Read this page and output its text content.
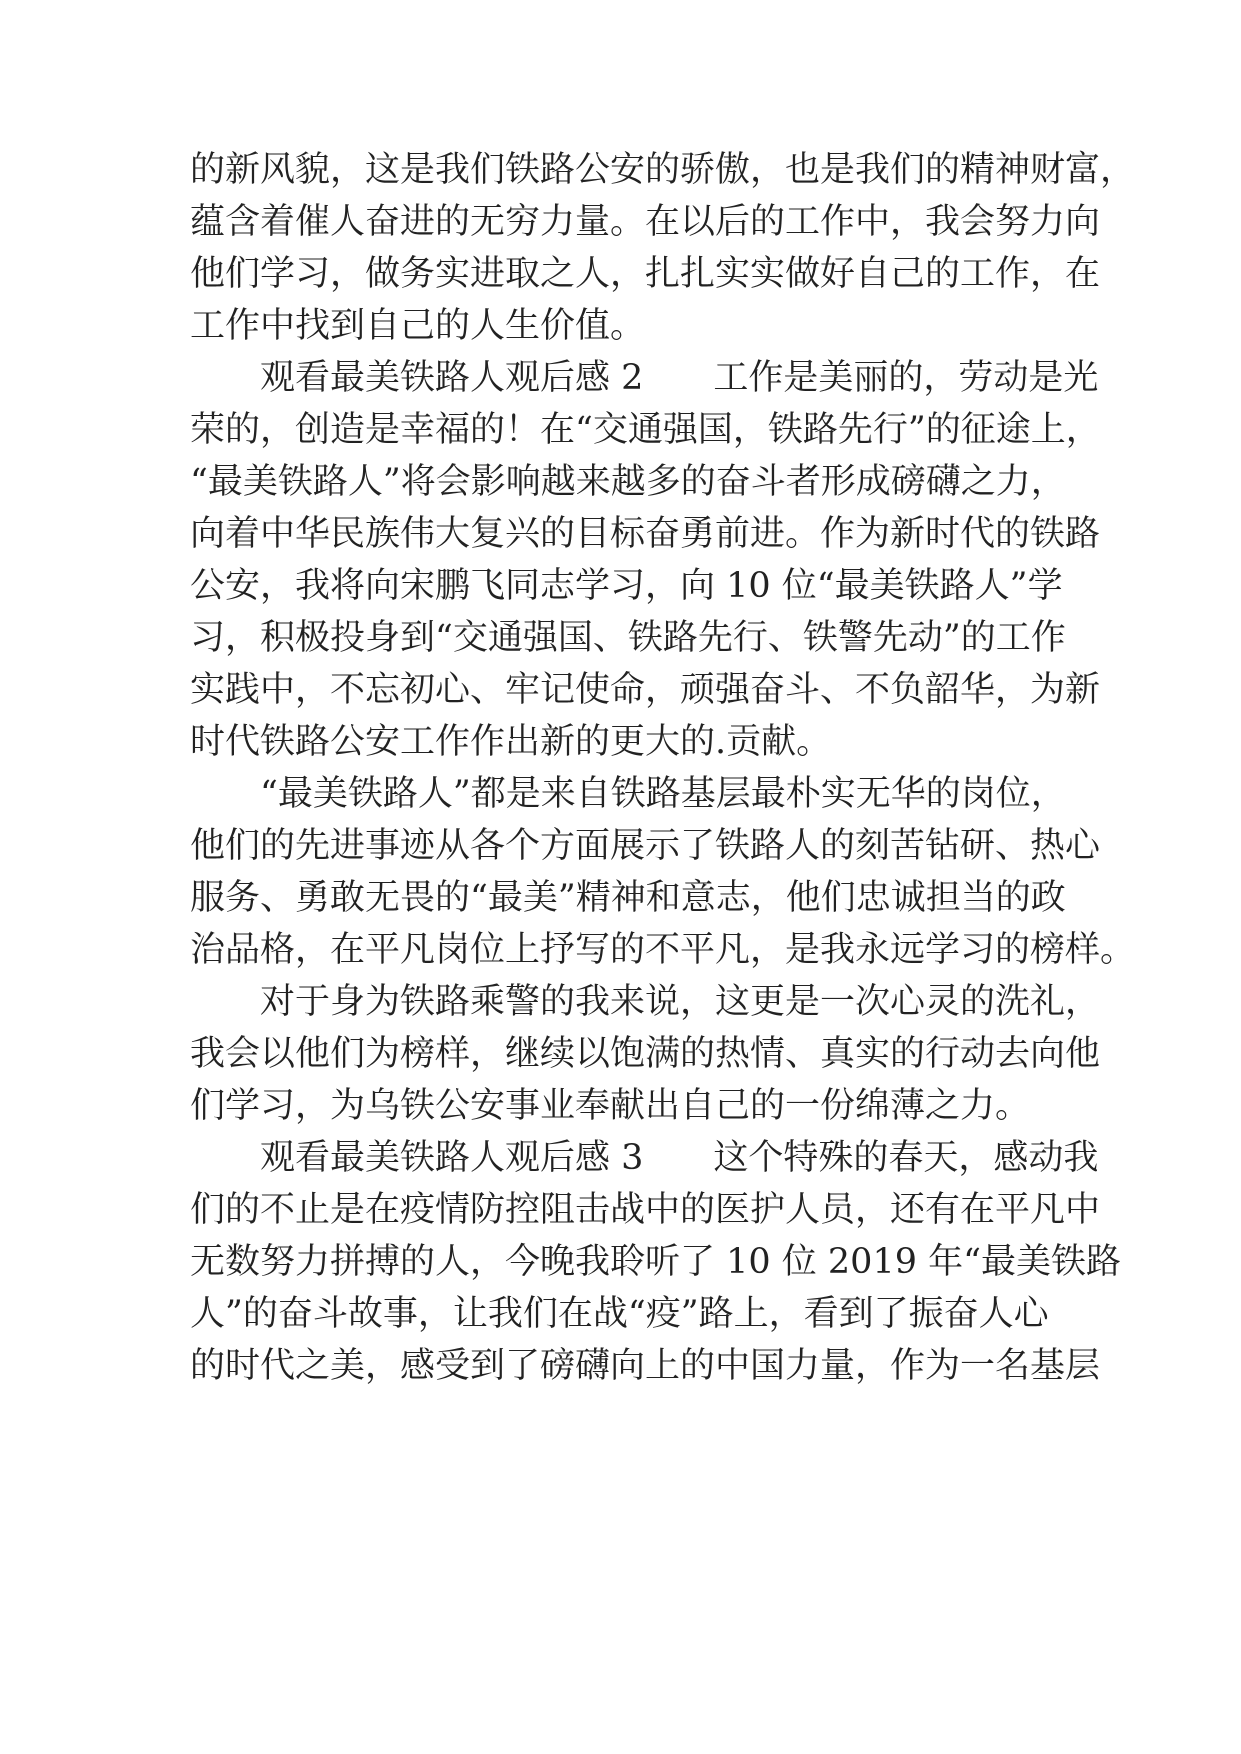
的新风貌，这是我们铁路公安的骄傲，也是我们的精神财富，
蕴含着催人奋进的无穷力量。在以后的工作中，我会努力向
他们学习，做务实进取之人，扎扎实实做好自己的工作，在
工作中找到自己的人生价值。
　　观看最美铁路人观后感 2　　工作是美丽的，劳动是光
荣的，创造是幸福的！在“交通强国，铁路先行”的征途上，
“最美铁路人”将会影响越来越多的奋斗者形成磅礴之力，
向着中华民族伟大复兴的目标奋勇前进。作为新时代的铁路
公安，我将向宋鹏飞同志学习，向 10 位“最美铁路人”学
习，积极投身到“交通强国、铁路先行、铁警先动”的工作
实践中，不忘初心、牢记使命，顽强奋斗、不负韶华，为新
时代铁路公安工作作出新的更大的.贡献。
　　“最美铁路人”都是来自铁路基层最朴实无华的岗位，
他们的先进事迹从各个方面展示了铁路人的刻苦钻研、热心
服务、勇敢无畏的“最美”精神和意志，他们忠诚担当的政
治品格，在平凡岗位上抒写的不平凡，是我永远学习的榜样。
　　对于身为铁路乘警的我来说，这更是一次心灵的洗礼，
我会以他们为榜样，继续以饱满的热情、真实的行动去向他
们学习，为乌铁公安事业奉献出自己的一份绵薄之力。
　　观看最美铁路人观后感 3　　这个特殊的春天，感动我
们的不止是在疫情防控阻击战中的医护人员，还有在平凡中
无数努力拼搏的人，今晚我聆听了 10 位 2019 年“最美铁路
人”的奋斗故事，让我们在战“疫”路上，看到了振奋人心
的时代之美，感受到了磅礴向上的中国力量，作为一名基层
